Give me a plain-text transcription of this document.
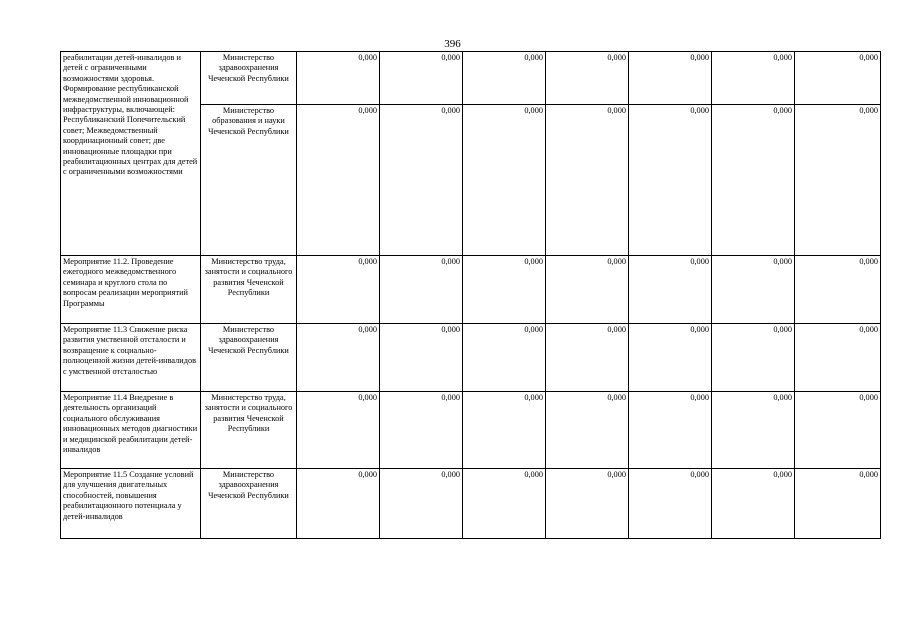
396
реабилитации детей-инвалидов и детей с ограниченными возможностями здоровья. Формирование республиканской межведомственной инновационной инфраструктуры, включающей: Республиканский Попечительский совет; Межведомственный координационный совет; две инновационные площадки при реабилитационных центрах для детей с ограниченными возможностями	Министерство здравоохранения Чеченской Республики	0,000	0,000	0,000	0,000	0,000	0,000	0,000
	Министерство образования и науки Чеченской Республики	0,000	0,000	0,000	0,000	0,000	0,000	0,000
Мероприятие 11.2. Проведение ежегодного межведомственного семинара и круглого стола по вопросам реализации мероприятий Программы	Министерство труда, занятости и социального развития Чеченской Республики	0,000	0,000	0,000	0,000	0,000	0,000	0,000
Мероприятие 11.3 Снижение риска развития умственной отсталости и возвращение к социально-полноценной жизни детей-инвалидов с умственной отсталостью	Министерство здравоохранения Чеченской Республики	0,000	0,000	0,000	0,000	0,000	0,000	0,000
Мероприятие 11.4 Внедрение в деятельность организаций социального обслуживания инновационных методов диагностики и медицинской реабилитации детей-инвалидов	Министерство труда, занятости и социального развития Чеченской Республики	0,000	0,000	0,000	0,000	0,000	0,000	0,000
Мероприятие 11.5 Создание условий для улучшения двигательных способностей, повышения реабилитационного потенциала у детей-инвалидов	Министерство здравоохранения Чеченской Республики	0,000	0,000	0,000	0,000	0,000	0,000	0,000
